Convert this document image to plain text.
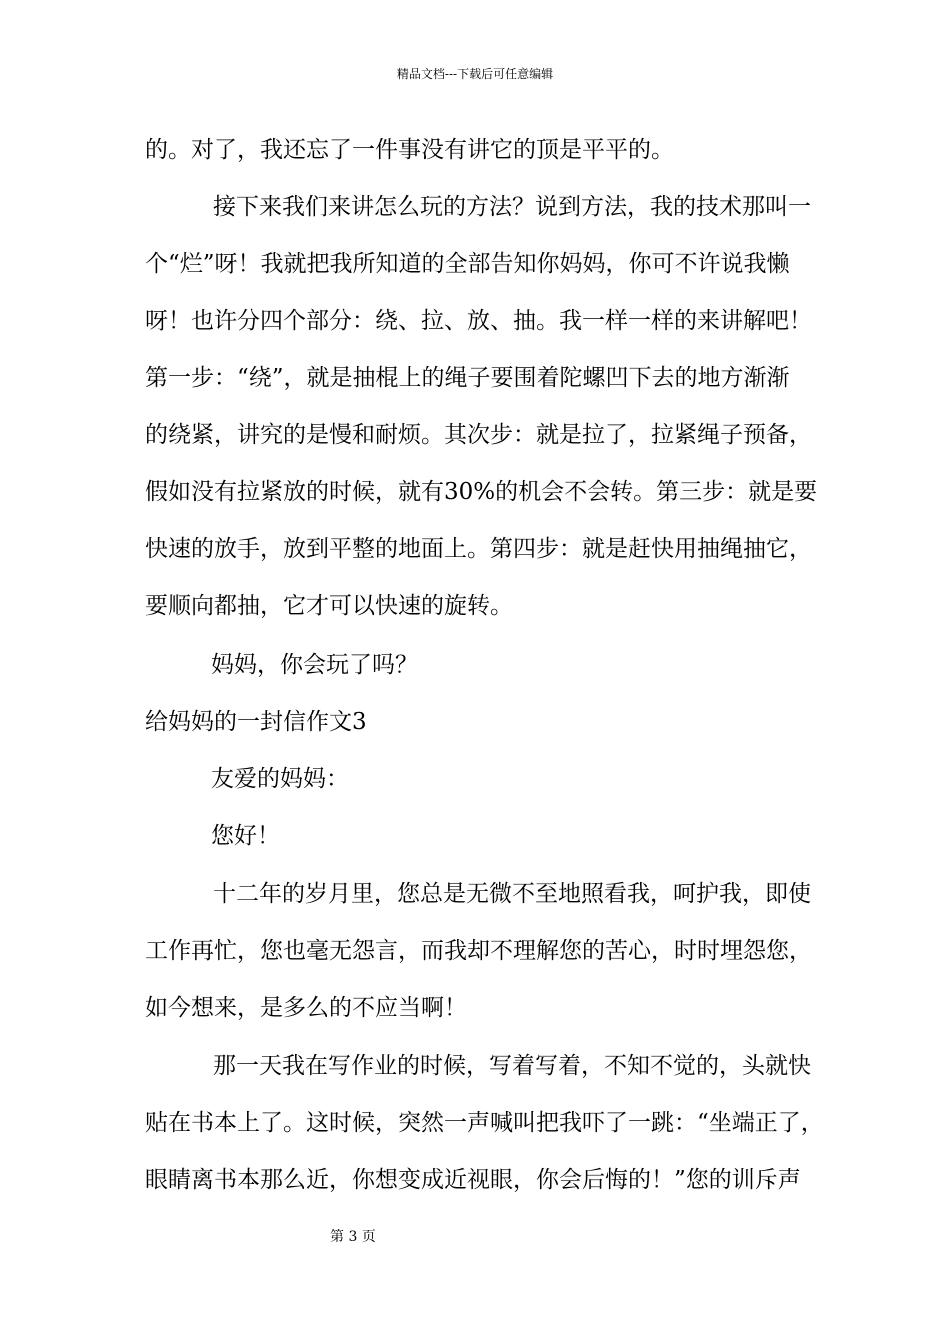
精品文档---下载后可任意编辑
的。对了，我还忘了一件事没有讲它的顶是平平的。
接下来我们来讲怎么玩的方法？说到方法，我的技术那叫一
个“烂”呀！我就把我所知道的全部告知你妈妈，你可不许说我懒
呀！也许分四个部分：绕、拉、放、抽。我一样一样的来讲解吧！
第一步：“绕”，就是抽棍上的绳子要围着陀螺凹下去的地方渐渐
的绕紧，讲究的是慢和耐烦。其次步：就是拉了，拉紧绳子预备，
假如没有拉紧放的时候，就有30%的机会不会转。第三步：就是要
快速的放手，放到平整的地面上。第四步：就是赶快用抽绳抽它，
要顺向都抽，它才可以快速的旋转。
妈妈，你会玩了吗？
给妈妈的一封信作文3
友爱的妈妈：
您好！
十二年的岁月里，您总是无微不至地照看我，呵护我，即使
工作再忙，您也毫无怨言，而我却不理解您的苦心，时时埋怨您，
如今想来，是多么的不应当啊！
那一天我在写作业的时候，写着写着，不知不觉的，头就快
贴在书本上了。这时候，突然一声喊叫把我吓了一跳：“坐端正了，
眼睛离书本那么近，你想变成近视眼，你会后悔的！”您的训斥声
第 3 页
